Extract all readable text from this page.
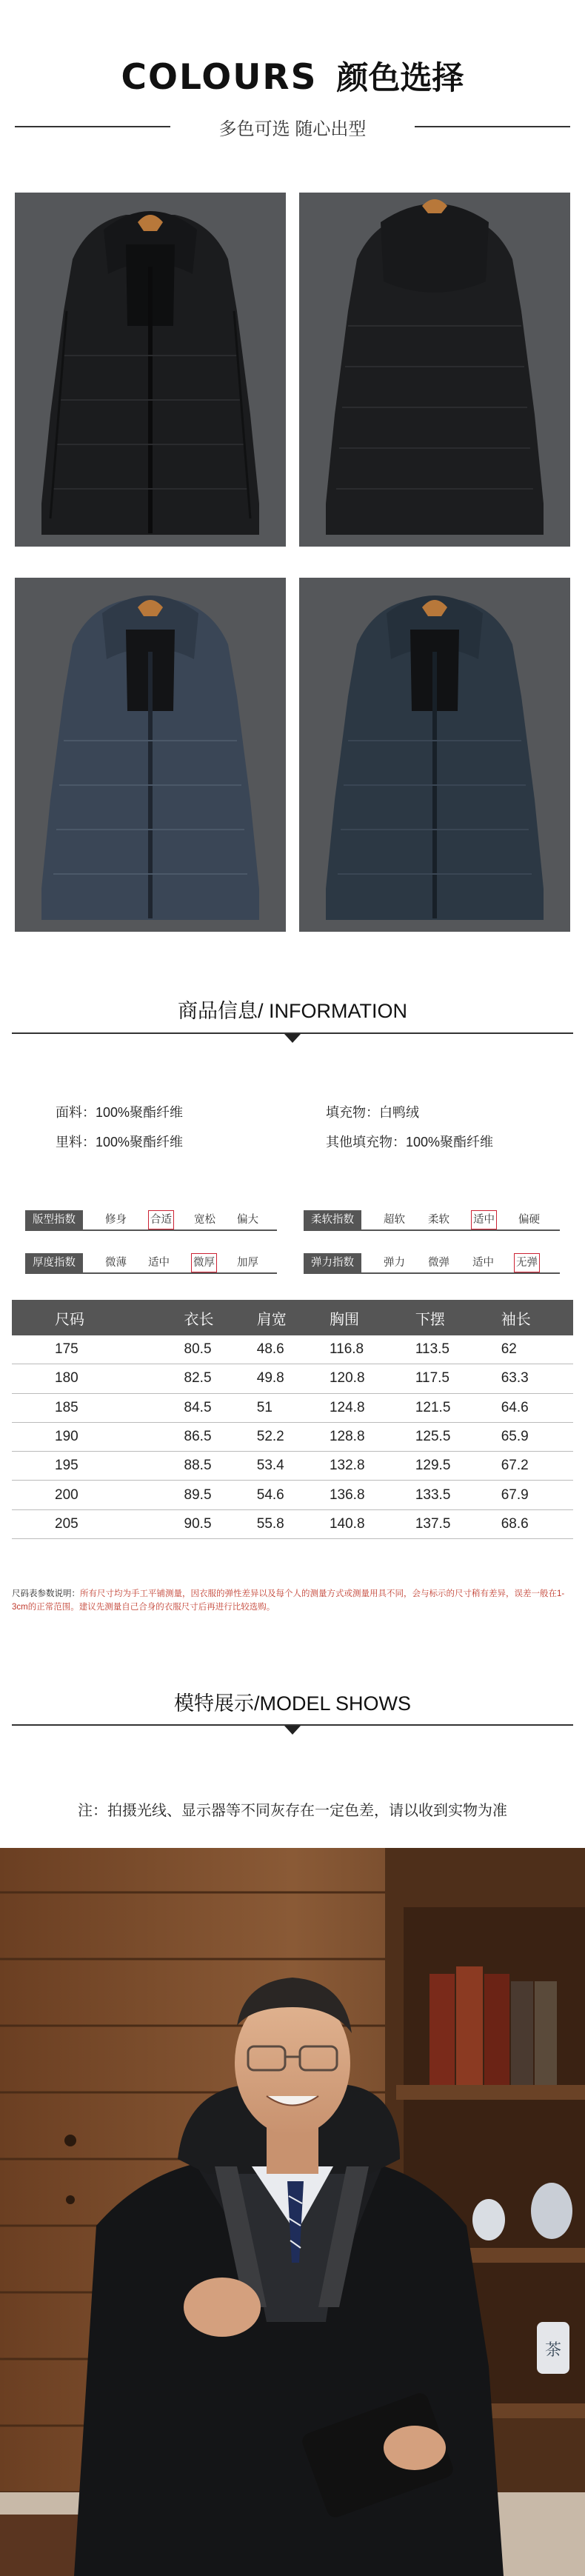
COLOURS 颜色选择
多色可选 随心出型
商品信息/ INFORMATION
面料：100%聚酯纤维	填充物：白鸭绒
里料：100%聚酯纤维	其他填充物：100%聚酯纤维
版型指数	修身 合适 宽松 偏大	柔软指数	超软 柔软 适中 偏硬
厚度指数	微薄 适中 微厚 加厚	弹力指数	弹力 微弹 适中 无弹
尺码	衣长	肩宽	胸围	下摆	袖长
175	80.5	48.6	116.8	113.5	62
180	82.5	49.8	120.8	117.5	63.3
185	84.5	51	124.8	121.5	64.6
190	86.5	52.2	128.8	125.5	65.9
195	88.5	53.4	132.8	129.5	67.2
200	89.5	54.6	136.8	133.5	67.9
205	90.5	55.8	140.8	137.5	68.6
尺码表参数说明：所有尺寸均为手工平铺测量，因衣服的弹性差异以及每个人的测量方式或测量用具不同，会与标示的尺寸稍有差异，误差一般在1-3cm的正常范围。建议先测量自己合身的衣服尺寸后再进行比较选购。
模特展示/MODEL SHOWS
注：拍摄光线、显示器等不同灰存在一定色差，请以收到实物为准
茶
